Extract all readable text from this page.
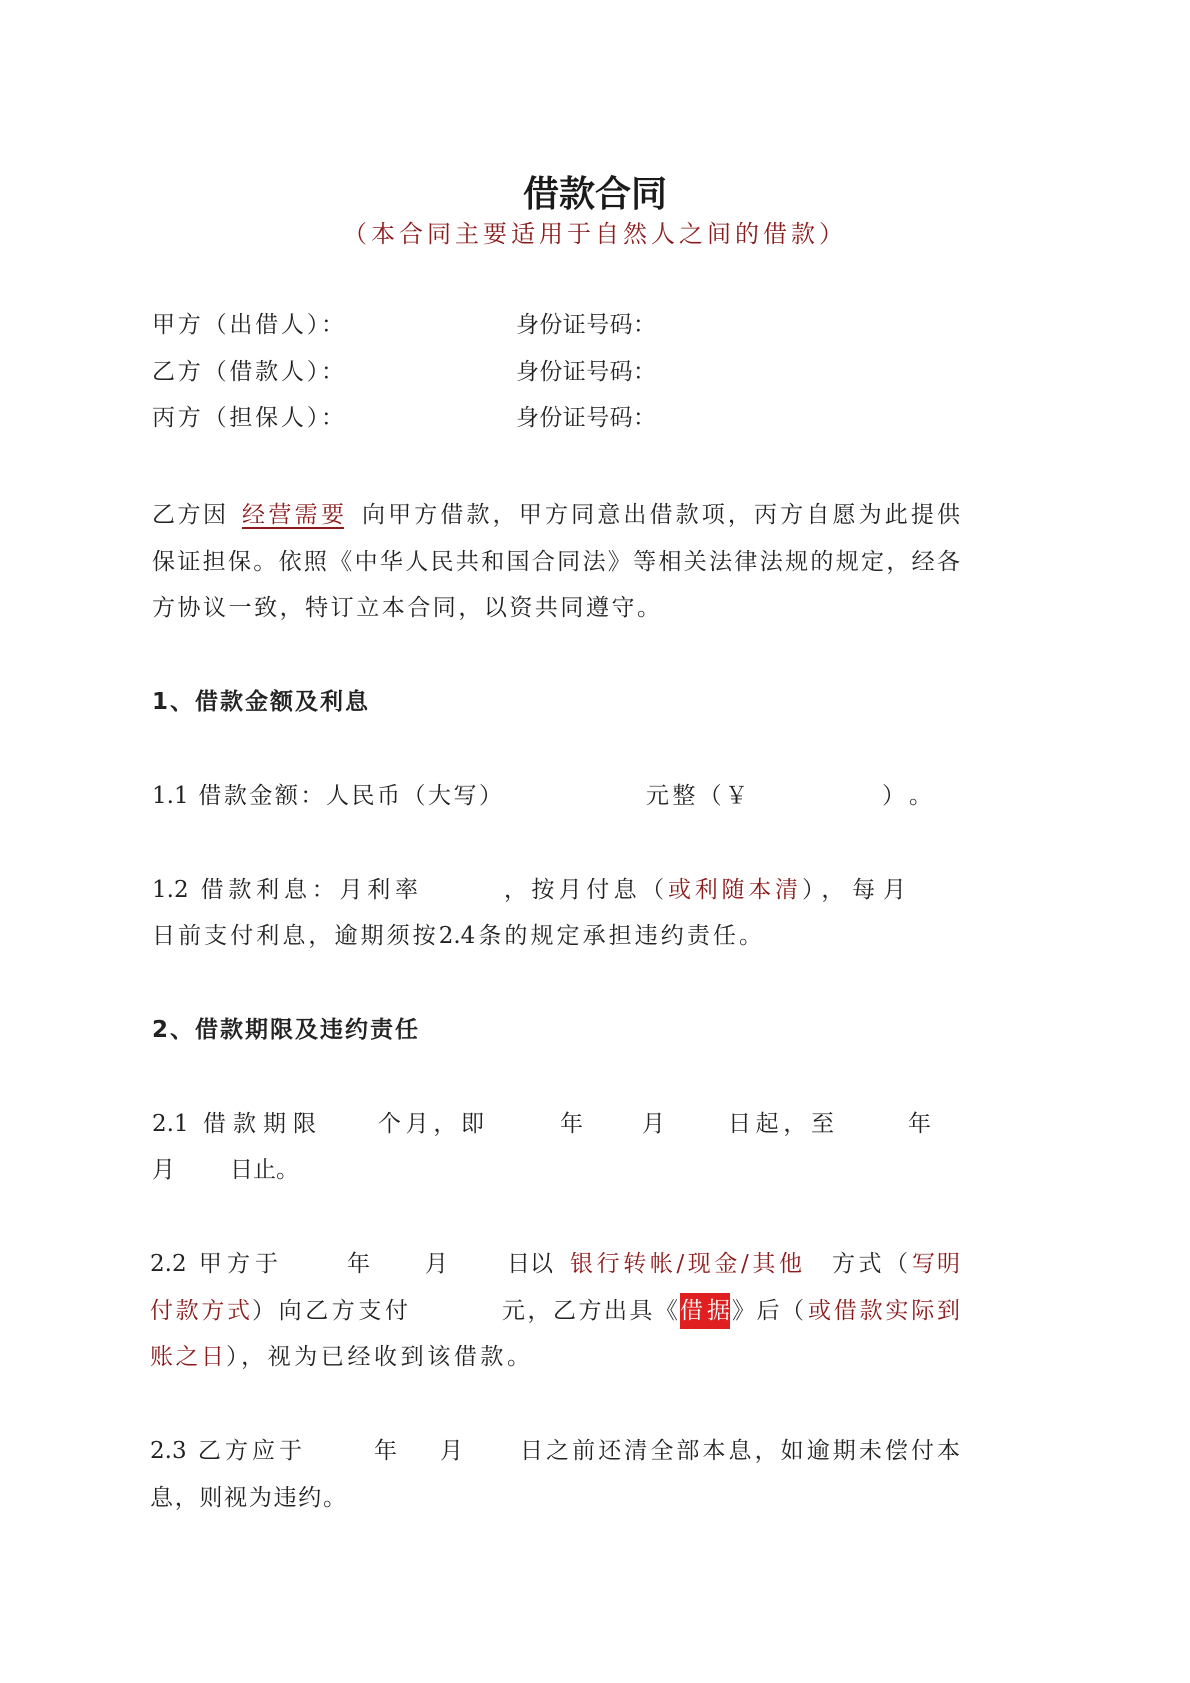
借款合同
（本合同主要适用于自然人之间的借款）
甲方（出借人）：	身份证号码：
乙方（借款人）：	身份证号码：
丙方（担保人）：	身份证号码：
乙方因 经营需要 向甲方借款，甲方同意出借款项，丙方自愿为此提供
保证担保。依照《中华人民共和国合同法》等相关法律法规的规定，经各
方协议一致，特订立本合同，以资共同遵守。
1、借款金额及利息
1.1 借款金额：人民币（大写）	元整（￥	）。
1.2 借款利息：月利率	，按月付息（ 或利随本清 ），每月
日前支付利息，逾期须按2.4条的规定承担违约责任。
2、借款期限及违约责任
2.1 借款期限	个月，即	年	月	日起，至	年
月 日止。
2.2 甲方于	年 月	日以 银行转帐/现金/其他 方式（ 写明
付款方式 ）向乙方支付	元，乙方出具《 借据 》后（ 或借款实际到
账之日 ），视为已经收到该借款。
2.3 乙方应于	年 月 日之前还清全部本息，如逾期未偿付本
息，则视为违约。
